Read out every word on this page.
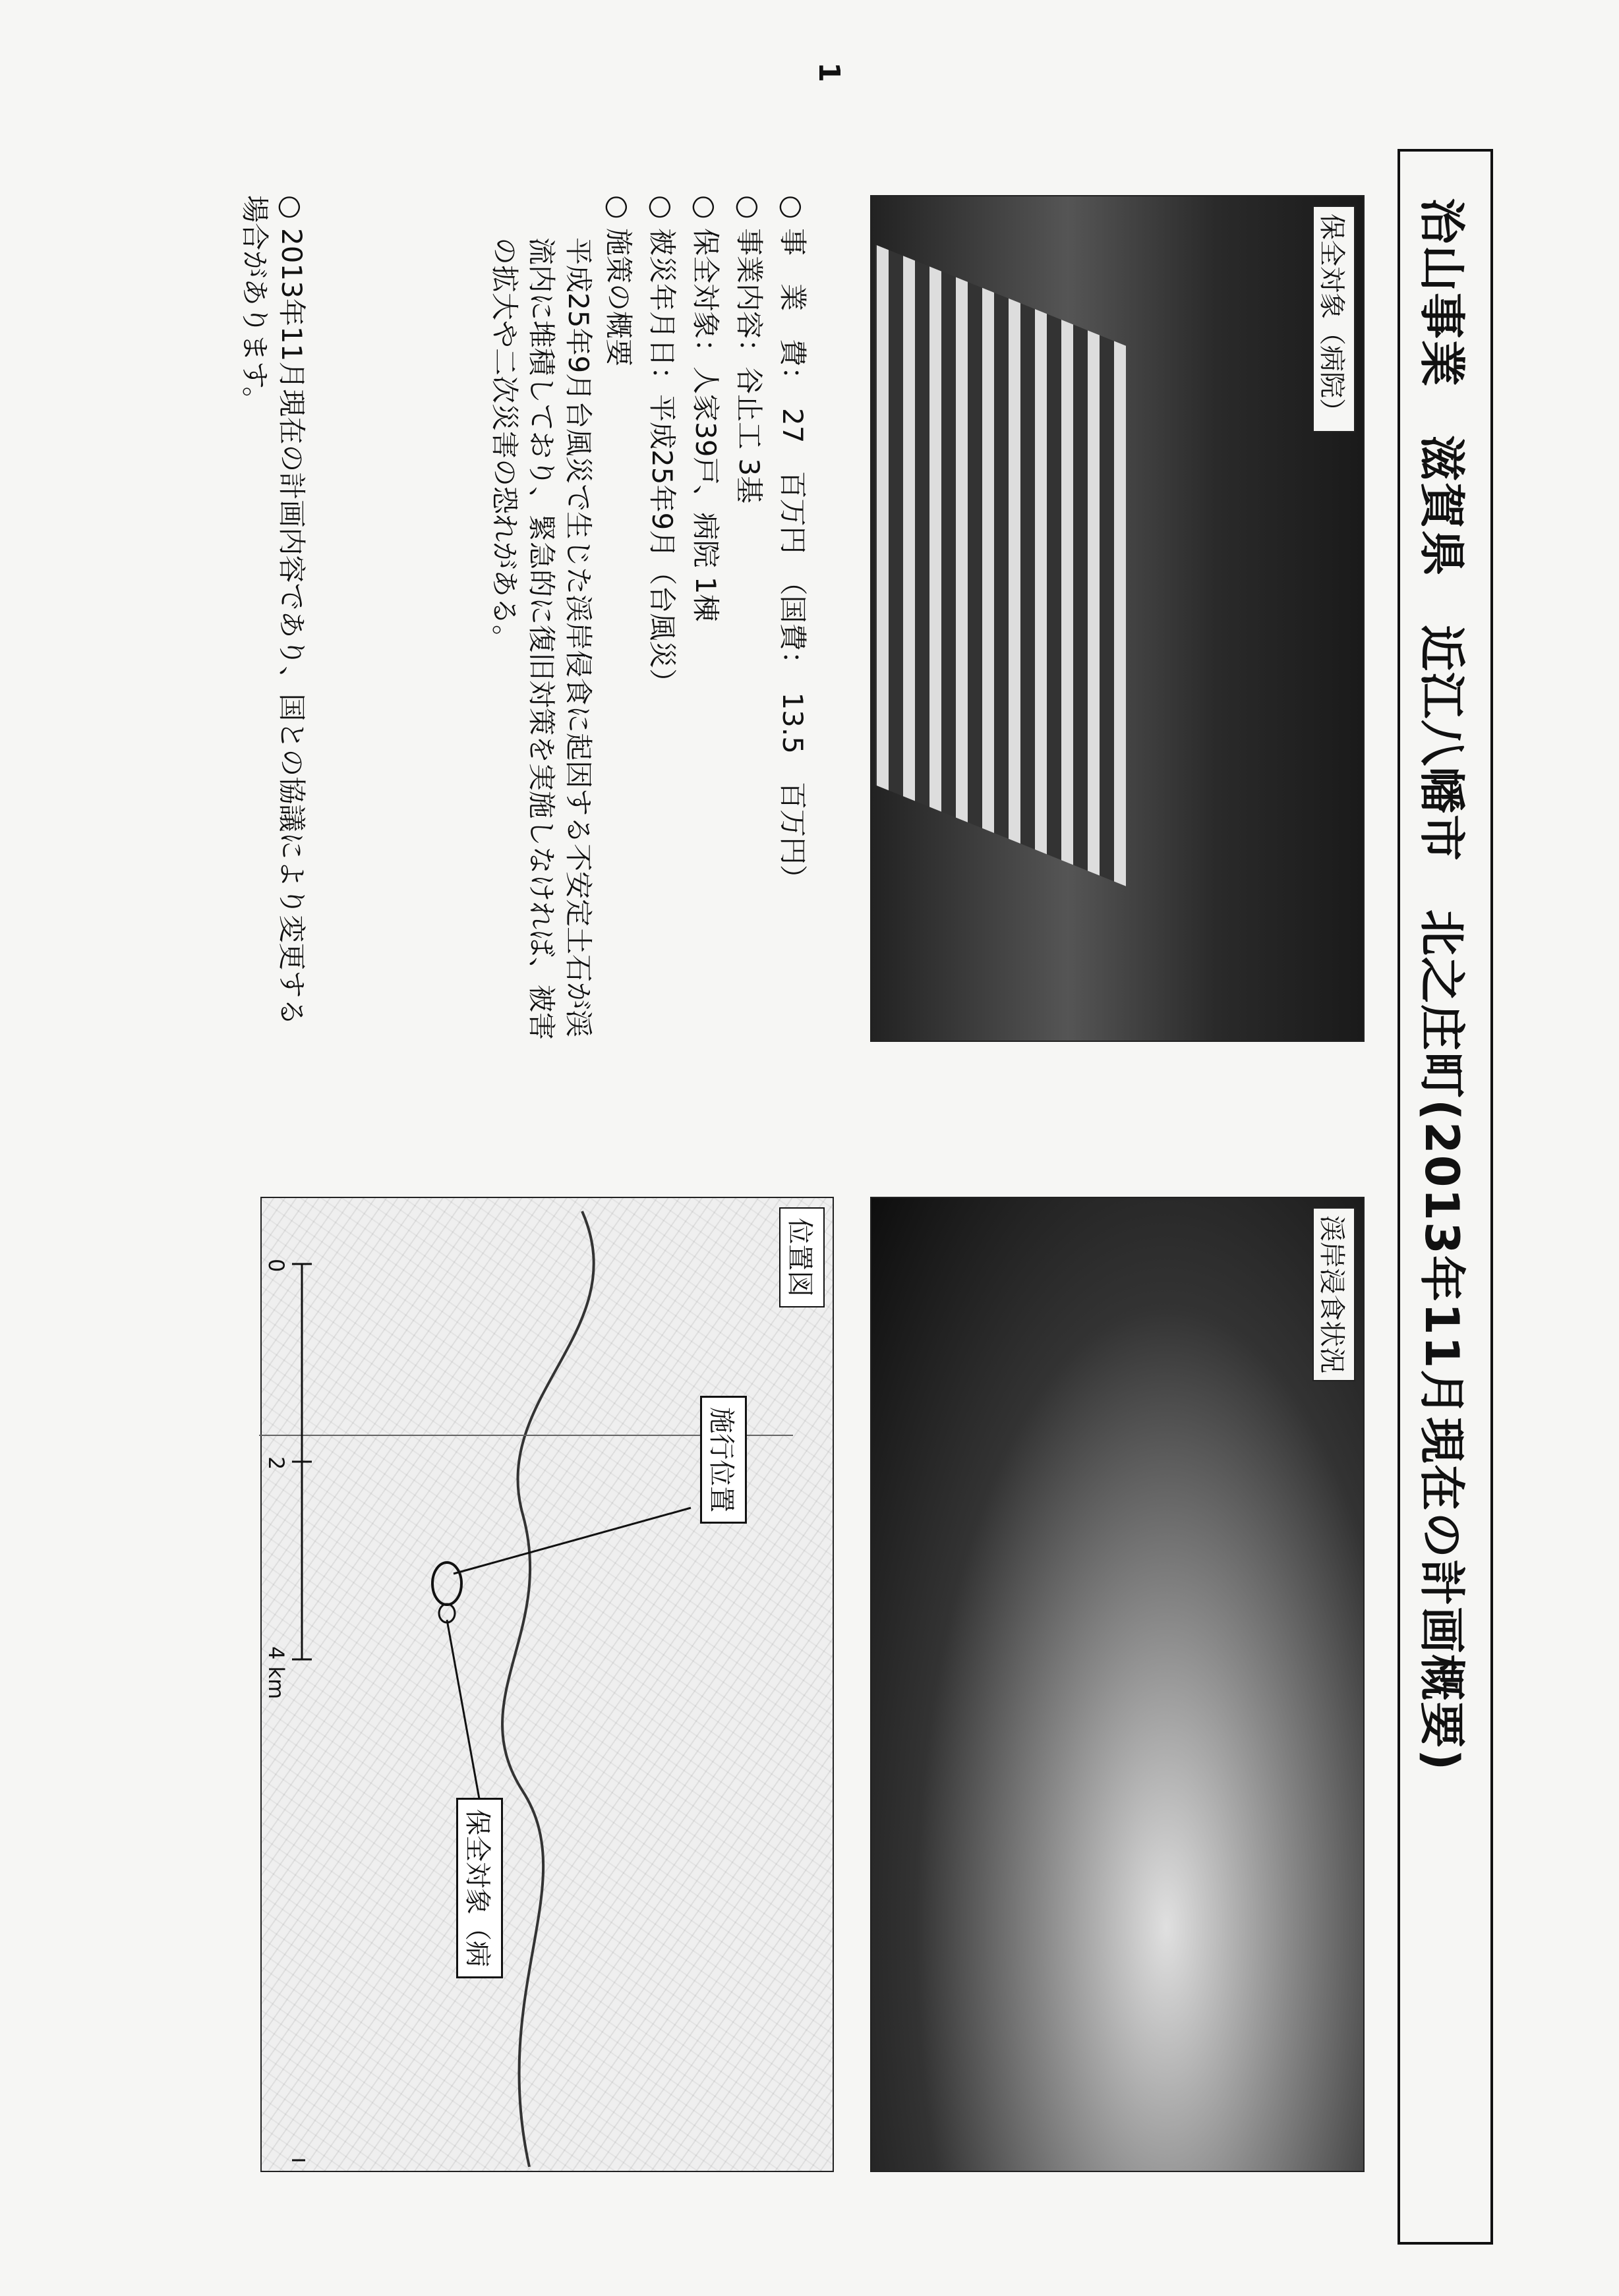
1
治山事業　滋賀県　近江八幡市　北之庄町(2013年11月現在の計画概要)
保全対象（病院）
渓岸浸食状況
位置図
施行位置
保全対象（病
0
2
4 km
○ 事　業　費：　27　百万円　（国費：　13.5　百万円）
○ 事業内容：谷止工 3基
○ 保全対象：人家39戸、病院 1棟
○ 被災年月日：平成25年9月（台風災）
○ 施策の概要
平成25年9月台風災で生じた渓岸侵食に起因する不安定土石が渓流内に堆積しており、緊急的に復旧対策を実施しなければ、被害の拡大や二次災害の恐れがある。
○ 2013年11月現在の計画内容であり、国との協議により変更する場合があります。
